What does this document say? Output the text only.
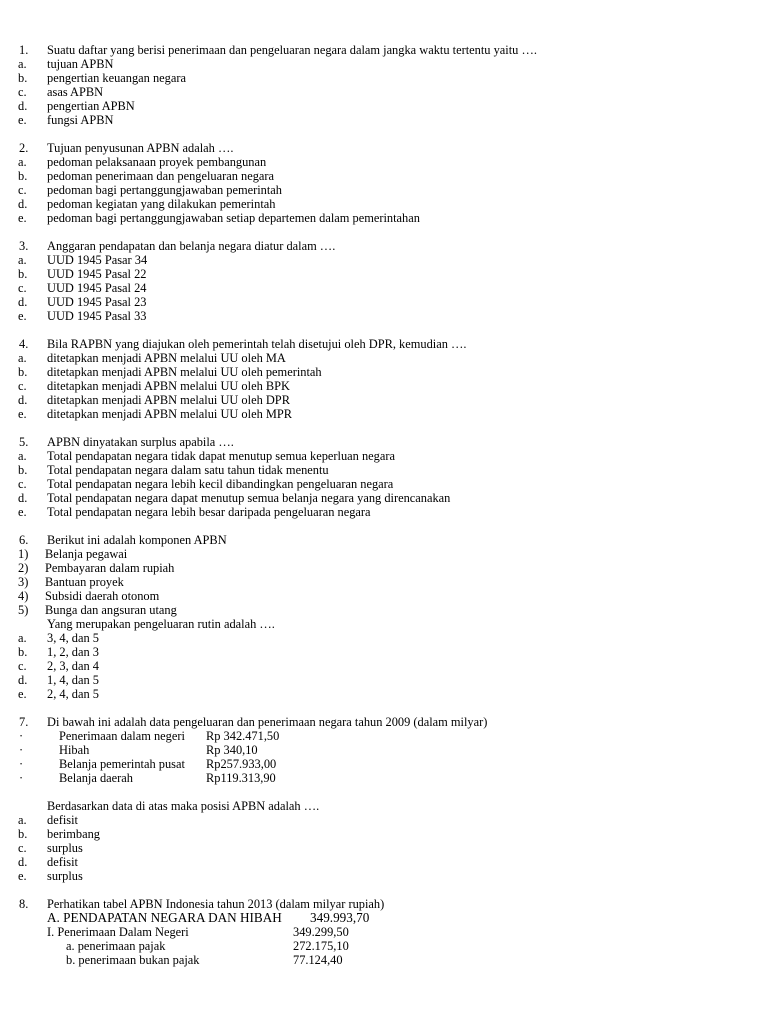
1. Suatu daftar yang berisi penerimaan dan pengeluaran negara dalam jangka waktu tertentu yaitu ….
a. tujuan APBN
b. pengertian keuangan negara
c. asas APBN
d. pengertian APBN
e. fungsi APBN
2. Tujuan penyusunan APBN adalah ….
a. pedoman pelaksanaan proyek pembangunan
b. pedoman penerimaan dan pengeluaran negara
c. pedoman bagi pertanggungjawaban pemerintah
d. pedoman kegiatan yang dilakukan pemerintah
e. pedoman bagi pertanggungjawaban setiap departemen dalam pemerintahan
3. Anggaran pendapatan dan belanja negara diatur dalam ….
a. UUD 1945 Pasar 34
b. UUD 1945 Pasal 22
c. UUD 1945 Pasal 24
d. UUD 1945 Pasal 23
e. UUD 1945 Pasal 33
4. Bila RAPBN yang diajukan oleh pemerintah telah disetujui oleh DPR, kemudian ….
a. ditetapkan menjadi APBN melalui UU oleh MA
b. ditetapkan menjadi APBN melalui UU oleh pemerintah
c. ditetapkan menjadi APBN melalui UU oleh BPK
d. ditetapkan menjadi APBN melalui UU oleh DPR
e. ditetapkan menjadi APBN melalui UU oleh MPR
5. APBN dinyatakan surplus apabila ….
a. Total pendapatan negara tidak dapat menutup semua keperluan negara
b. Total pendapatan negara dalam satu tahun tidak menentu
c. Total pendapatan negara lebih kecil dibandingkan pengeluaran negara
d. Total pendapatan negara dapat menutup semua belanja negara yang direncanakan
e. Total pendapatan negara lebih besar daripada pengeluaran negara
6. Berikut ini adalah komponen APBN
1) Belanja pegawai
2) Pembayaran dalam rupiah
3) Bantuan proyek
4) Subsidi daerah otonom
5) Bunga dan angsuran utang
Yang merupakan pengeluaran rutin adalah ….
a. 3, 4, dan 5
b. 1, 2, dan 3
c. 2, 3, dan 4
d. 1, 4, dan 5
e. 2, 4, dan 5
7. Di bawah ini adalah data pengeluaran dan penerimaan negara tahun 2009 (dalam milyar)
·	Penerimaan dalam negeri Rp 342.471,50
·	Hibah	Rp 340,10
·	Belanja pemerintah pusat Rp257.933,00
·	Belanja daerah	Rp119.313,90
Berdasarkan data di atas maka posisi APBN adalah ….
a. defisit
b. berimbang
c. surplus
d. defisit
e. surplus
8. Perhatikan tabel APBN Indonesia tahun 2013 (dalam milyar rupiah)
A. PENDAPATAN NEGARA DAN HIBAH 349.993,70
I. Penerimaan Dalam Negeri	349.299,50
a. penerimaan pajak	272.175,10
b. penerimaan bukan pajak	77.124,40
